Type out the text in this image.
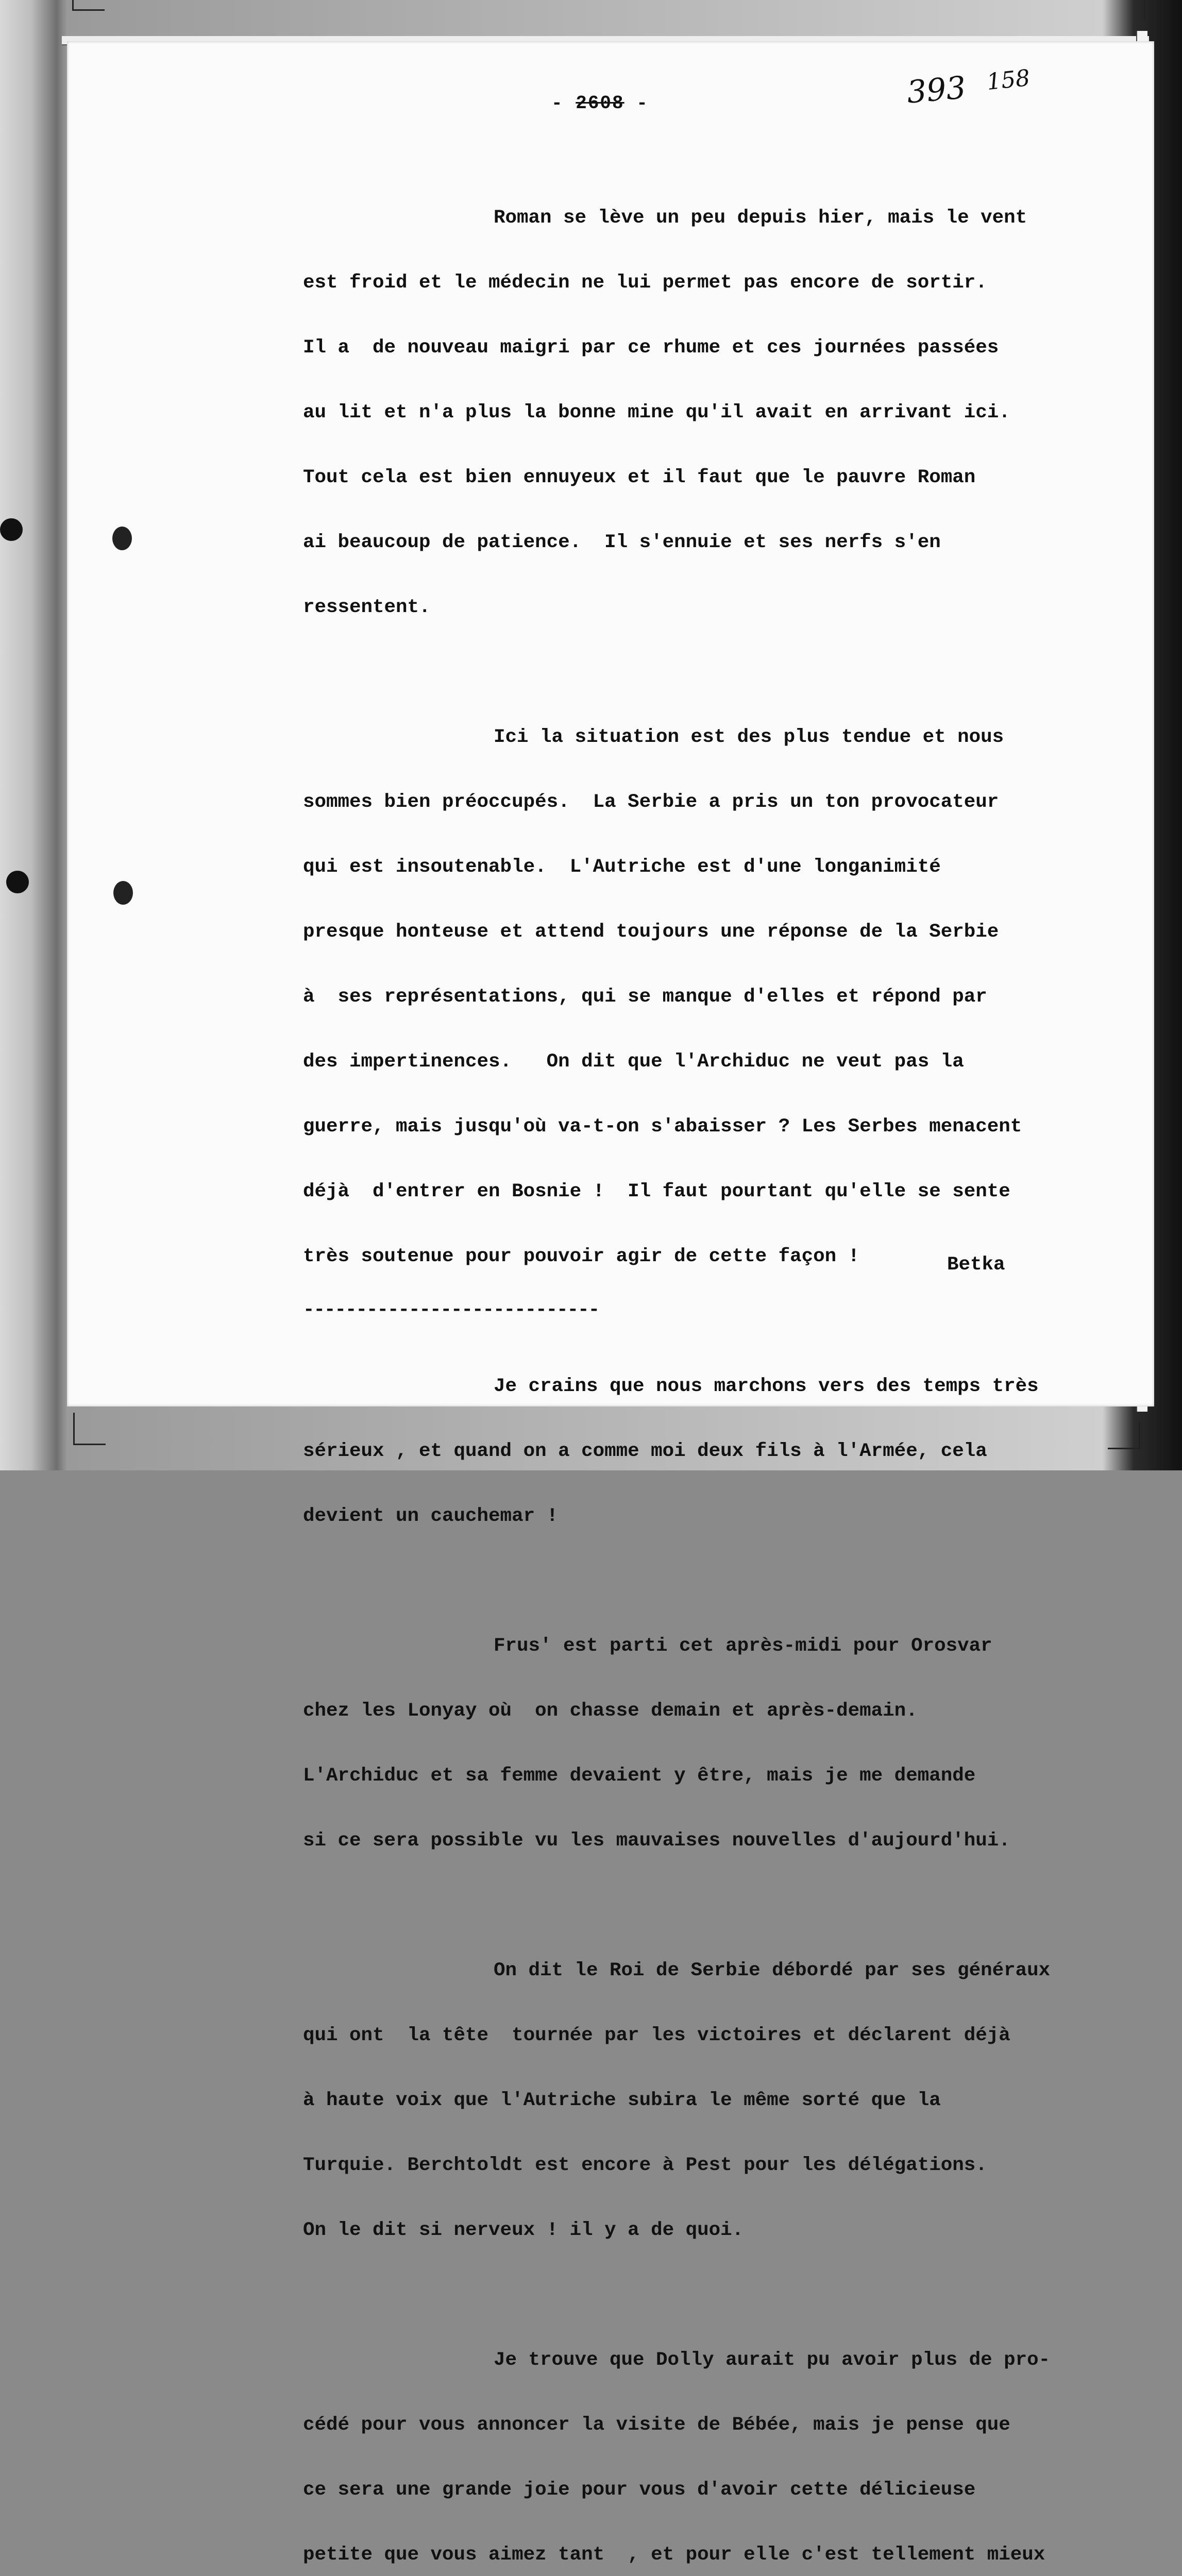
- 2608 -	393 158

Roman se lève un peu depuis hier, mais le vent

est froid et le médecin ne lui permet pas encore de sortir.

Il a  de nouveau maigri par ce rhume et ces journées passées

au lit et n'a plus la bonne mine qu'il avait en arrivant ici.

Tout cela est bien ennuyeux et il faut que le pauvre Roman

ai beaucoup de patience.  Il s'ennuie et ses nerfs s'en

ressentent.

Ici la situation est des plus tendue et nous

sommes bien préoccupés.  La Serbie a pris un ton provocateur

qui est insoutenable.  L'Autriche est d'une longanimité

presque honteuse et attend toujours une réponse de la Serbie

à  ses représentations, qui se manque d'elles et répond par

des impertinences.   On dit que l'Archiduc ne veut pas la

guerre, mais jusqu'où va-t-on s'abaisser ? Les Serbes menacent

déjà  d'entrer en Bosnie !  Il faut pourtant qu'elle se sente

très soutenue pour pouvoir agir de cette façon !

Je crains que nous marchons vers des temps très

sérieux , et quand on a comme moi deux fils à l'Armée, cela

devient un cauchemar !

Frus' est parti cet après-midi pour Orosvar

chez les Lonyay où  on chasse demain et après-demain.

L'Archiduc et sa femme devaient y être, mais je me demande

si ce sera possible vu les mauvaises nouvelles d'aujourd'hui.

On dit le Roi de Serbie débordé par ses généraux

qui ont  la tête  tournée par les victoires et déclarent déjà

à haute voix que l'Autriche subira le même sorté que la

Turquie. Berchtoldt est encore à Pest pour les délégations.

On le dit si nerveux ! il y a de quoi.

Je trouve que Dolly aurait pu avoir plus de pro-

cédé pour vous annoncer la visite de Bébée, mais je pense que

ce sera une grande joie pour vous d'avoir cette délicieuse

petite que vous aimez tant  , et pour elle c'est tellement mieux

Betka
----------------------------
